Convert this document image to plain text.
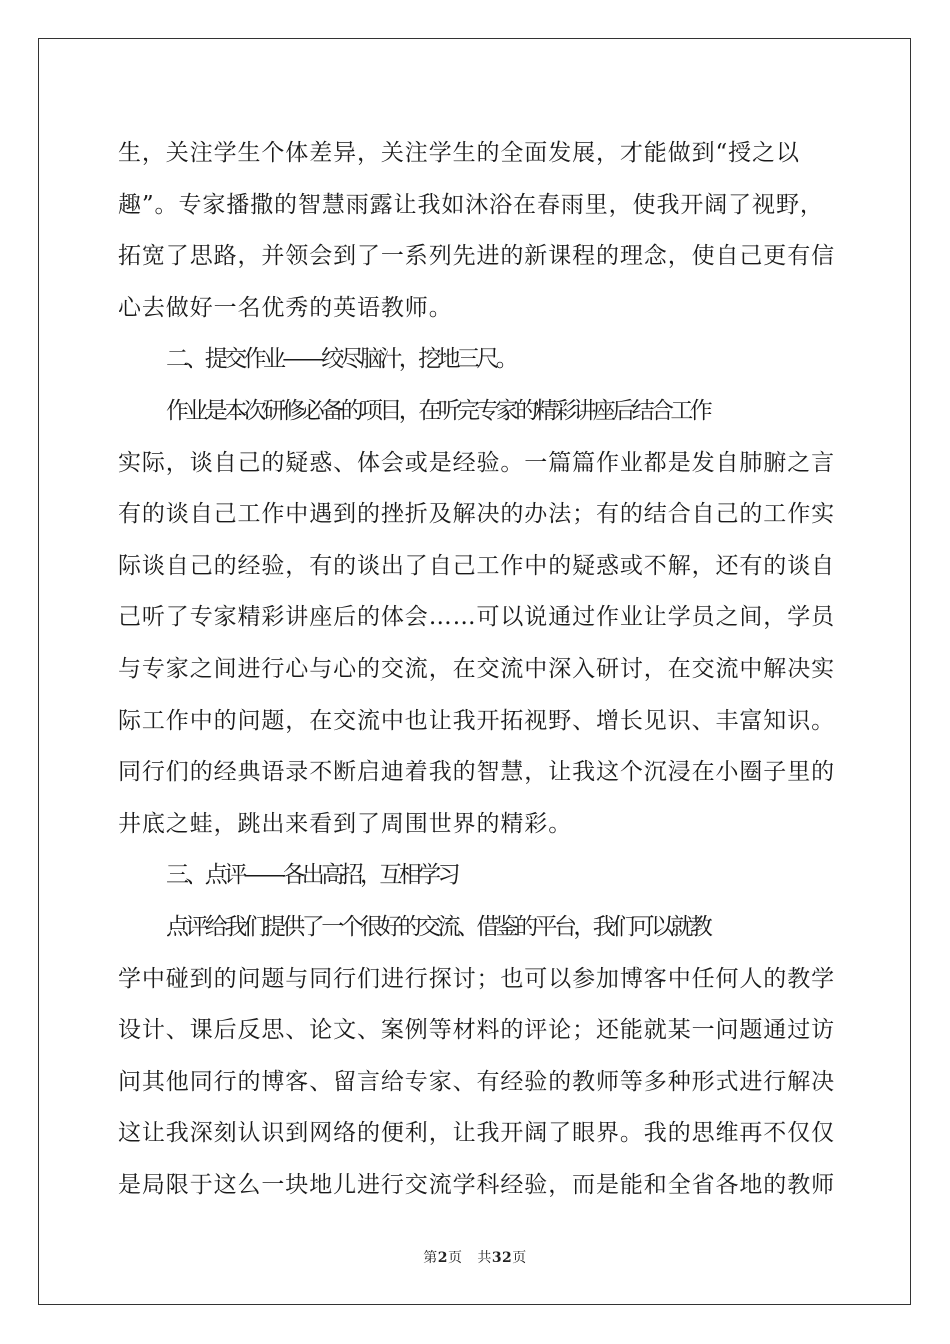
生，关注学生个体差异，关注学生的全面发展，才能做到“授之以

趣”。专家播撒的智慧雨露让我如沐浴在春雨里，使我开阔了视野，

拓宽了思路，并领会到了一系列先进的新课程的理念，使自己更有信

心去做好一名优秀的英语教师。

二、提交作业——绞尽脑汁，挖地三尺。

作业是本次研修必备的项目，在听完专家的精彩讲座后结合工作

实际，谈自己的疑惑、体会或是经验。一篇篇作业都是发自肺腑之言

有的谈自己工作中遇到的挫折及解决的办法；有的结合自己的工作实

际谈自己的经验，有的谈出了自己工作中的疑惑或不解，还有的谈自

己听了专家精彩讲座后的体会……可以说通过作业让学员之间，学员

与专家之间进行心与心的交流，在交流中深入研讨，在交流中解决实

际工作中的问题，在交流中也让我开拓视野、增长见识、丰富知识。

同行们的经典语录不断启迪着我的智慧，让我这个沉浸在小圈子里的

井底之蛙，跳出来看到了周围世界的精彩。

三、点评——各出高招，互相学习

点评给我们提供了一个很好的交流、借鉴的平台，我们可以就教

学中碰到的问题与同行们进行探讨；也可以参加博客中任何人的教学

设计、课后反思、论文、案例等材料的评论；还能就某一问题通过访

问其他同行的博客、留言给专家、有经验的教师等多种形式进行解决

这让我深刻认识到网络的便利，让我开阔了眼界。我的思维再不仅仅

是局限于这么一块地儿进行交流学科经验，而是能和全省各地的教师

第2页 共32页
